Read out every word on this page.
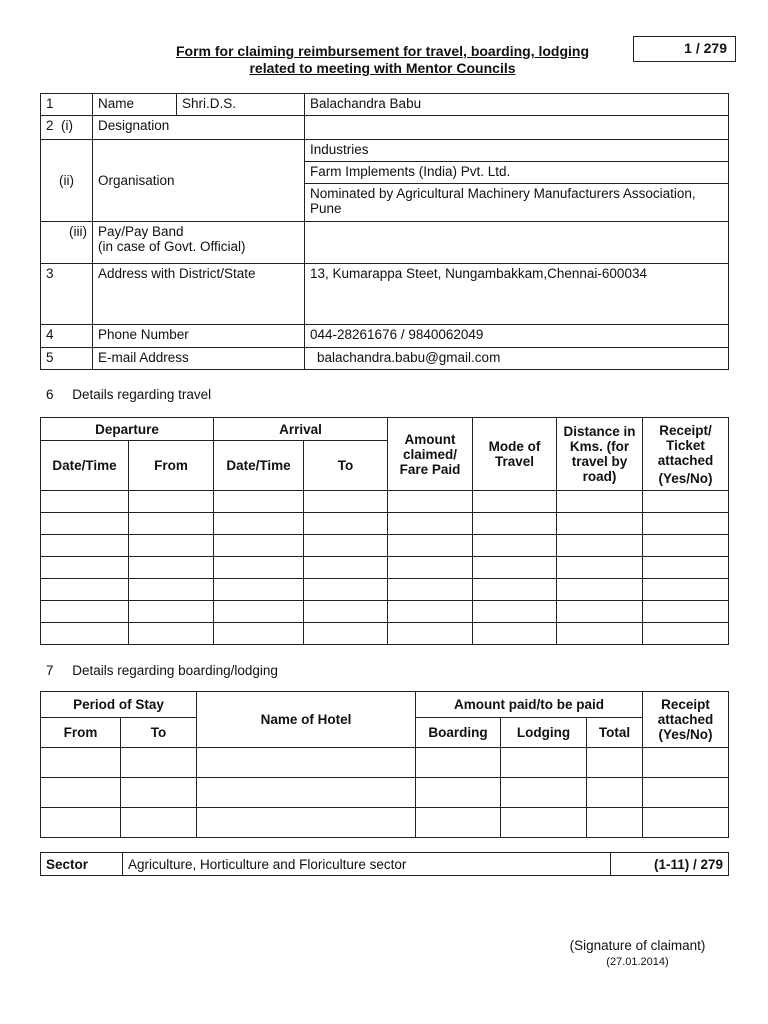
1 / 279
Form for claiming reimbursement for travel, boarding, lodging
related to meeting with Mentor Councils
1	Name	Shri.D.S.	Balachandra Babu
2 (i)	Designation		
(ii)	Organisation		Industries
			Farm Implements (India) Pvt. Ltd.
			Nominated by Agricultural Machinery Manufacturers Association, Pune
(iii)	Pay/Pay Band
(in case of Govt. Official)		
3	Address with District/State		13, Kumarappa Steet, Nungambakkam,Chennai-600034
4	Phone Number		044-28261676 / 9840062049
5	E-mail Address		balachandra.babu@gmail.com
6 Details regarding travel
Departure		Arrival		Amount claimed/ Fare Paid	Mode of Travel	Distance in Kms. (for travel by road)	Receipt/ Ticket attached
(Yes/No)

Date/Time	From	Date/Time	To				

7 Details regarding boarding/lodging
Period of Stay		Name of Hotel	Amount paid/to be paid			Receipt attached (Yes/No)
From	To		Boarding	Lodging	Total	

Sector	Agriculture, Horticulture and Floriculture sector	(1-11) / 279
(Signature of claimant)
(27.01.2014)
